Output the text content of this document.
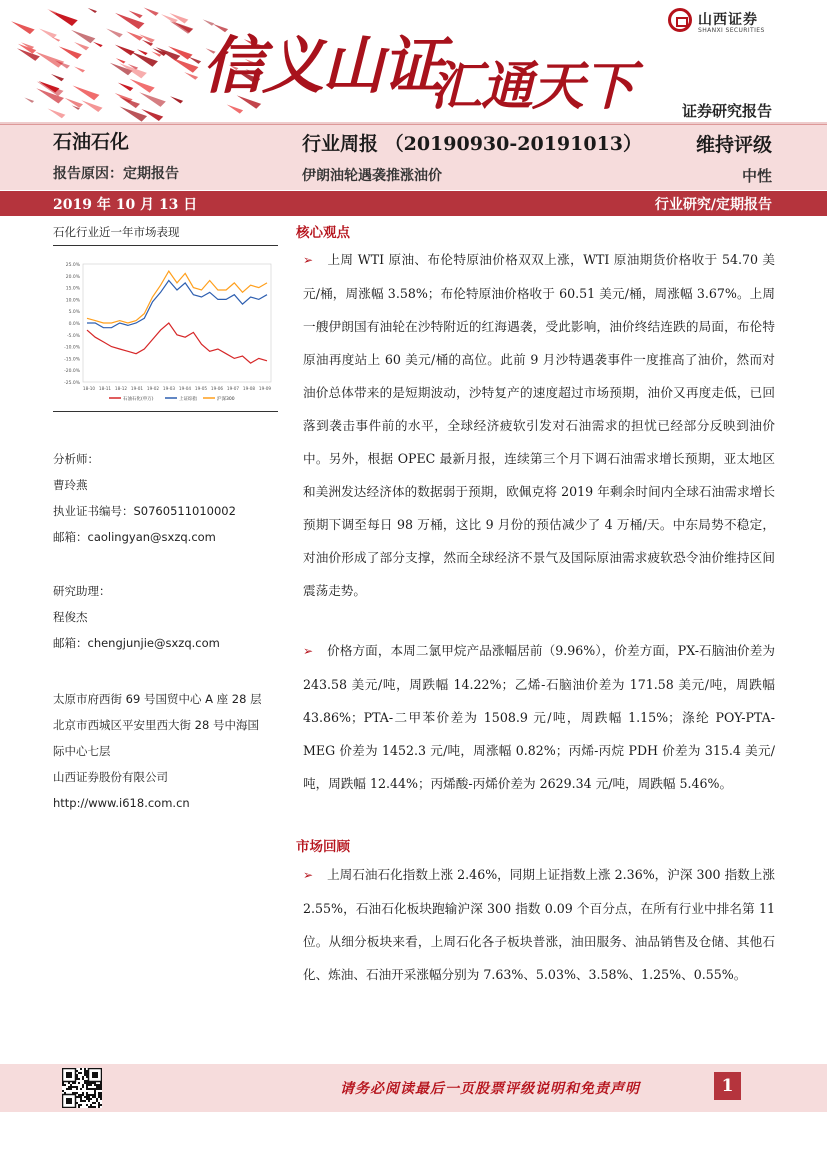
信义山证
汇通天下
山西证券
SHANXI SECURITIES
证券研究报告
石油石化
报告原因：定期报告
行业周报 （20190930-20191013）
伊朗油轮遇袭推涨油价
维持评级
中性
2019 年 10 月 13 日	行业研究/定期报告
石化行业近一年市场表现
25.0%
20.0%
15.0%
10.0%
5.0%
0.0%
-5.0%
-10.0%
-15.0%
-20.0%
-25.0%
18-10 18-11 18-12 19-01 19-02 19-03 19-04 19-05 19-06 19-07 19-08 19-09
石油石化(申万)	上证综指	沪深300
分析师：
曹玲燕
执业证书编号：S0760511010002
邮箱：caolingyan@sxzq.com
研究助理：
程俊杰
邮箱：chengjunjie@sxzq.com
太原市府西街 69 号国贸中心 A 座 28 层
北京市西城区平安里西大街 28 号中海国
际中心七层
山西证券股份有限公司
http://www.i618.com.cn
核心观点
➢ 上周 WTI 原油、布伦特原油价格双双上涨，WTI 原油期货价格收于 54.70 美元/桶，周涨幅 3.58%；布伦特原油价格收于 60.51 美元/桶，周涨幅 3.67%。上周一艘伊朗国有油轮在沙特附近的红海遇袭，受此影响，油价终结连跌的局面，布伦特原油再度站上 60 美元/桶的高位。此前 9 月沙特遇袭事件一度推高了油价，然而对油价总体带来的是短期波动，沙特复产的速度超过市场预期，油价又再度走低，已回落到袭击事件前的水平，全球经济疲软引发对石油需求的担忧已经部分反映到油价中。另外，根据 OPEC 最新月报，连续第三个月下调石油需求增长预期，亚太地区和美洲发达经济体的数据弱于预期，欧佩克将 2019 年剩余时间内全球石油需求增长预期下调至每日 98 万桶，这比 9 月份的预估减少了 4 万桶/天。中东局势不稳定，对油价形成了部分支撑，然而全球经济不景气及国际原油需求疲软恐令油价维持区间震荡走势。
➢ 价格方面，本周二氯甲烷产品涨幅居前（9.96%），价差方面，PX-石脑油价差为 243.58 美元/吨，周跌幅 14.22%；乙烯-石脑油价差为 171.58 美元/吨，周跌幅 43.86%；PTA-二甲苯价差为 1508.9 元/吨，周跌幅 1.15%；涤纶 POY-PTA-MEG 价差为 1452.3 元/吨，周涨幅 0.82%；丙烯-丙烷 PDH 价差为 315.4 美元/吨，周跌幅 12.44%；丙烯酸-丙烯价差为 2629.34 元/吨，周跌幅 5.46%。
市场回顾
➢ 上周石油石化指数上涨 2.46%，同期上证指数上涨 2.36%，沪深 300 指数上涨 2.55%，石油石化板块跑输沪深 300 指数 0.09 个百分点，在所有行业中排名第 11 位。从细分板块来看，上周石化各子板块普涨，油田服务、油品销售及仓储、其他石化、炼油、石油开采涨幅分别为 7.63%、5.03%、3.58%、1.25%、0.55%。
请务必阅读最后一页股票评级说明和免责声明	1
